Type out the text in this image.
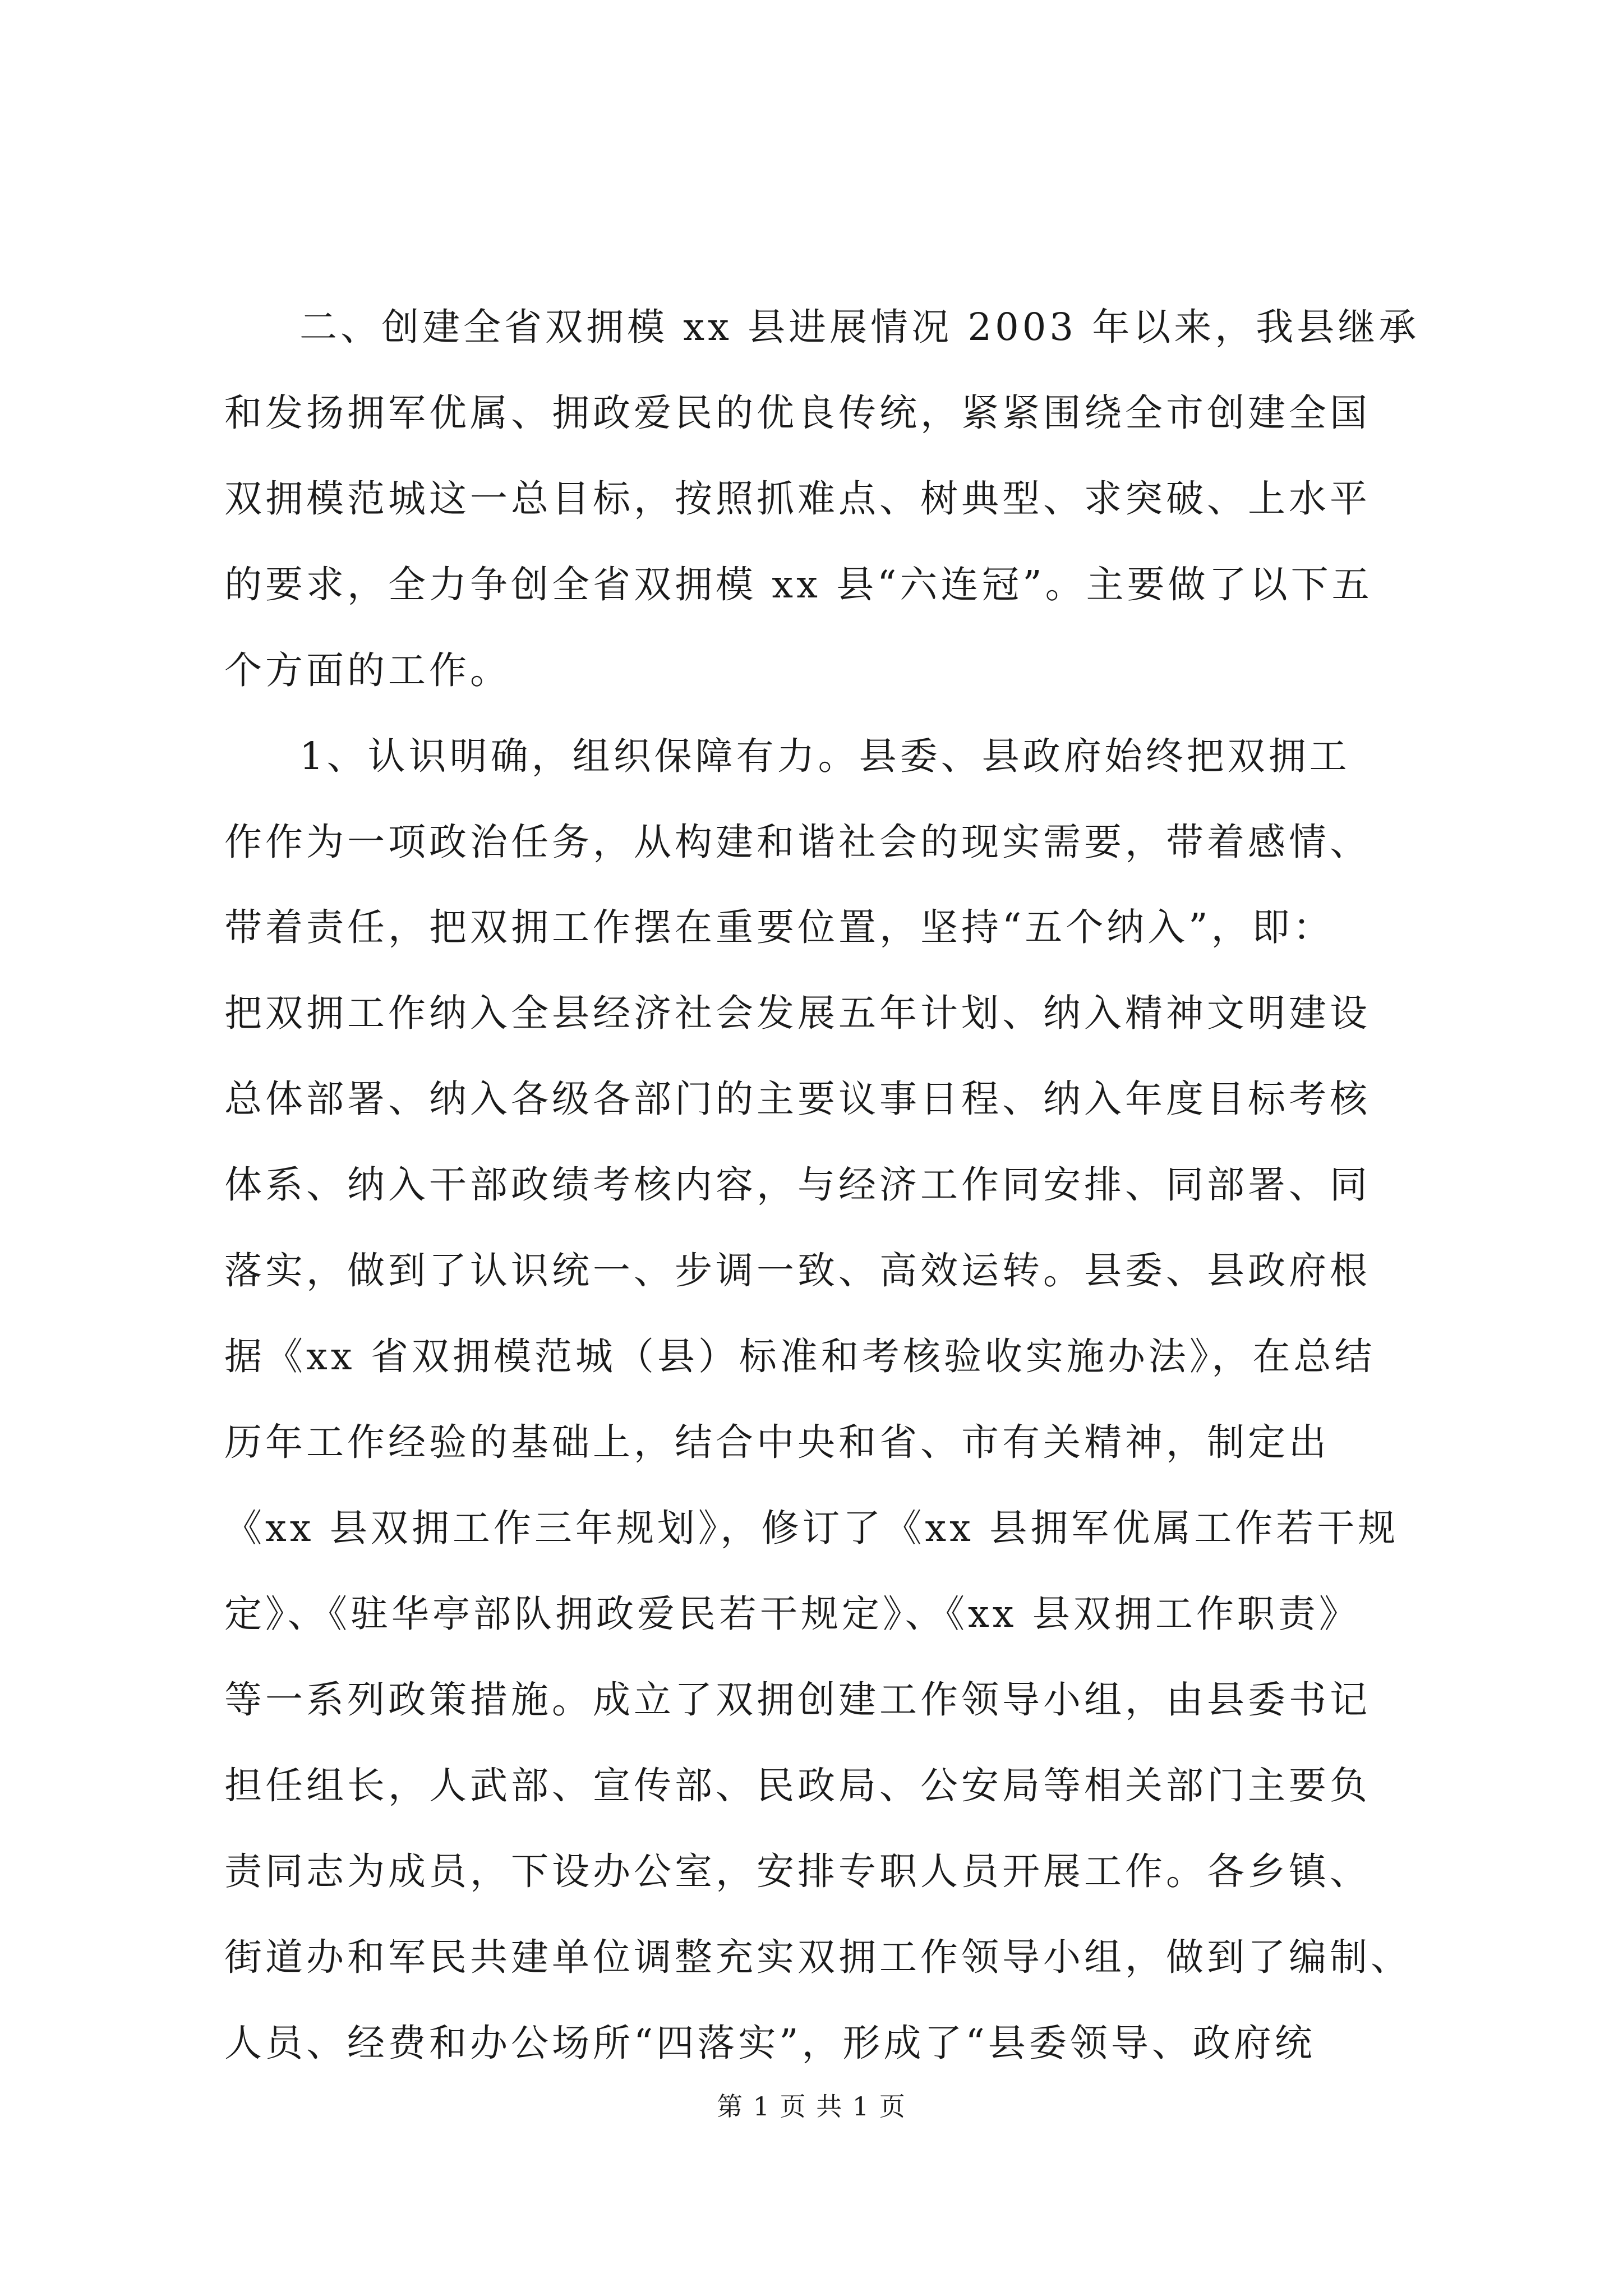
二、创建全省双拥模 xx 县进展情况 2003 年以来，我县继承

和发扬拥军优属、拥政爱民的优良传统，紧紧围绕全市创建全国

双拥模范城这一总目标，按照抓难点、树典型、求突破、上水平

的要求，全力争创全省双拥模 xx 县“六连冠”。主要做了以下五

个方面的工作。

1、认识明确，组织保障有力。县委、县政府始终把双拥工

作作为一项政治任务，从构建和谐社会的现实需要，带着感情、

带着责任，把双拥工作摆在重要位置，坚持“五个纳入”，即：

把双拥工作纳入全县经济社会发展五年计划、纳入精神文明建设

总体部署、纳入各级各部门的主要议事日程、纳入年度目标考核

体系、纳入干部政绩考核内容，与经济工作同安排、同部署、同

落实，做到了认识统一、步调一致、高效运转。县委、县政府根

据《xx 省双拥模范城（县）标准和考核验收实施办法》，在总结

历年工作经验的基础上，结合中央和省、市有关精神，制定出

《xx 县双拥工作三年规划》，修订了《xx 县拥军优属工作若干规

定》、《驻华亭部队拥政爱民若干规定》、《xx 县双拥工作职责》

等一系列政策措施。成立了双拥创建工作领导小组，由县委书记

担任组长，人武部、宣传部、民政局、公安局等相关部门主要负

责同志为成员，下设办公室，安排专职人员开展工作。各乡镇、

街道办和军民共建单位调整充实双拥工作领导小组，做到了编制、

人员、经费和办公场所“四落实”，形成了“县委领导、政府统

第 1 页 共 1 页
